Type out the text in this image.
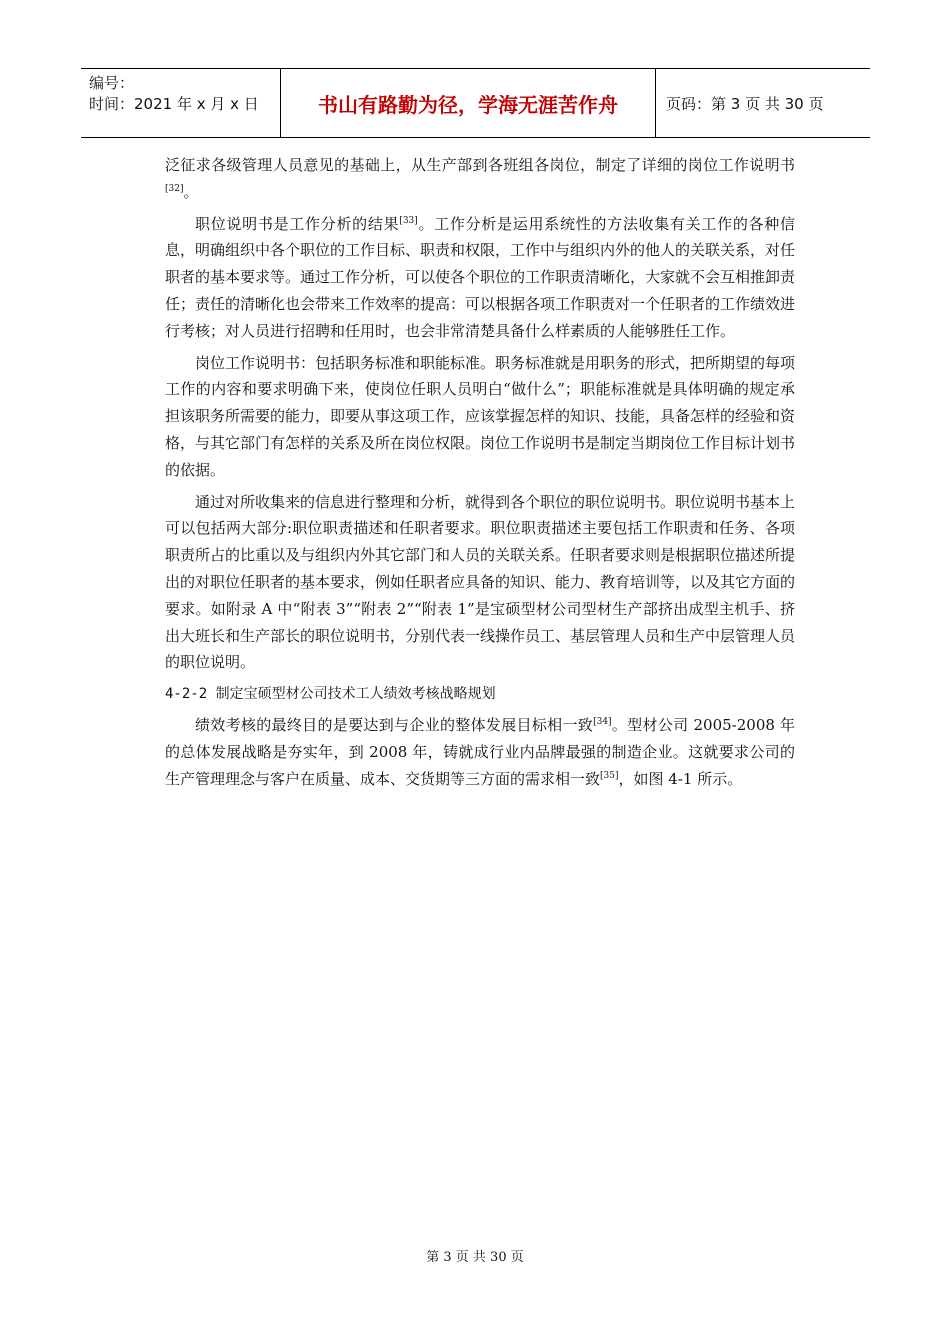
编号：
时间：2021 年 x 月 x 日	书山有路勤为径，学海无涯苦作舟	页码：第 3 页 共 30 页

泛征求各级管理人员意见的基础上，从生产部到各班组各岗位，制定了详细的岗位工作说明书[32]。

职位说明书是工作分析的结果[33]。工作分析是运用系统性的方法收集有关工作的各种信息，明确组织中各个职位的工作目标、职责和权限，工作中与组织内外的他人的关联关系，对任职者的基本要求等。通过工作分析，可以使各个职位的工作职责清晰化，大家就不会互相推卸责任；责任的清晰化也会带来工作效率的提高：可以根据各项工作职责对一个任职者的工作绩效进行考核；对人员进行招聘和任用时，也会非常清楚具备什么样素质的人能够胜任工作。

岗位工作说明书：包括职务标准和职能标准。职务标准就是用职务的形式，把所期望的每项工作的内容和要求明确下来，使岗位任职人员明白“做什么”；职能标准就是具体明确的规定承担该职务所需要的能力，即要从事这项工作，应该掌握怎样的知识、技能，具备怎样的经验和资格，与其它部门有怎样的关系及所在岗位权限。岗位工作说明书是制定当期岗位工作目标计划书的依据。

通过对所收集来的信息进行整理和分析，就得到各个职位的职位说明书。职位说明书基本上可以包括两大部分:职位职责描述和任职者要求。职位职责描述主要包括工作职责和任务、各项职责所占的比重以及与组织内外其它部门和人员的关联关系。任职者要求则是根据职位描述所提出的对职位任职者的基本要求，例如任职者应具备的知识、能力、教育培训等，以及其它方面的要求。如附录 A 中“附表 3”“附表 2”“附表 1”是宝硕型材公司型材生产部挤出成型主机手、挤出大班长和生产部长的职位说明书，分别代表一线操作员工、基层管理人员和生产中层管理人员的职位说明。

4-2-2 制定宝硕型材公司技术工人绩效考核战略规划

绩效考核的最终目的是要达到与企业的整体发展目标相一致[34]。型材公司 2005-2008 年的总体发展战略是夯实年，到 2008 年，铸就成行业内品牌最强的制造企业。这就要求公司的生产管理理念与客户在质量、成本、交货期等三方面的需求相一致[35]，如图 4-1 所示。

第 3 页 共 30 页
